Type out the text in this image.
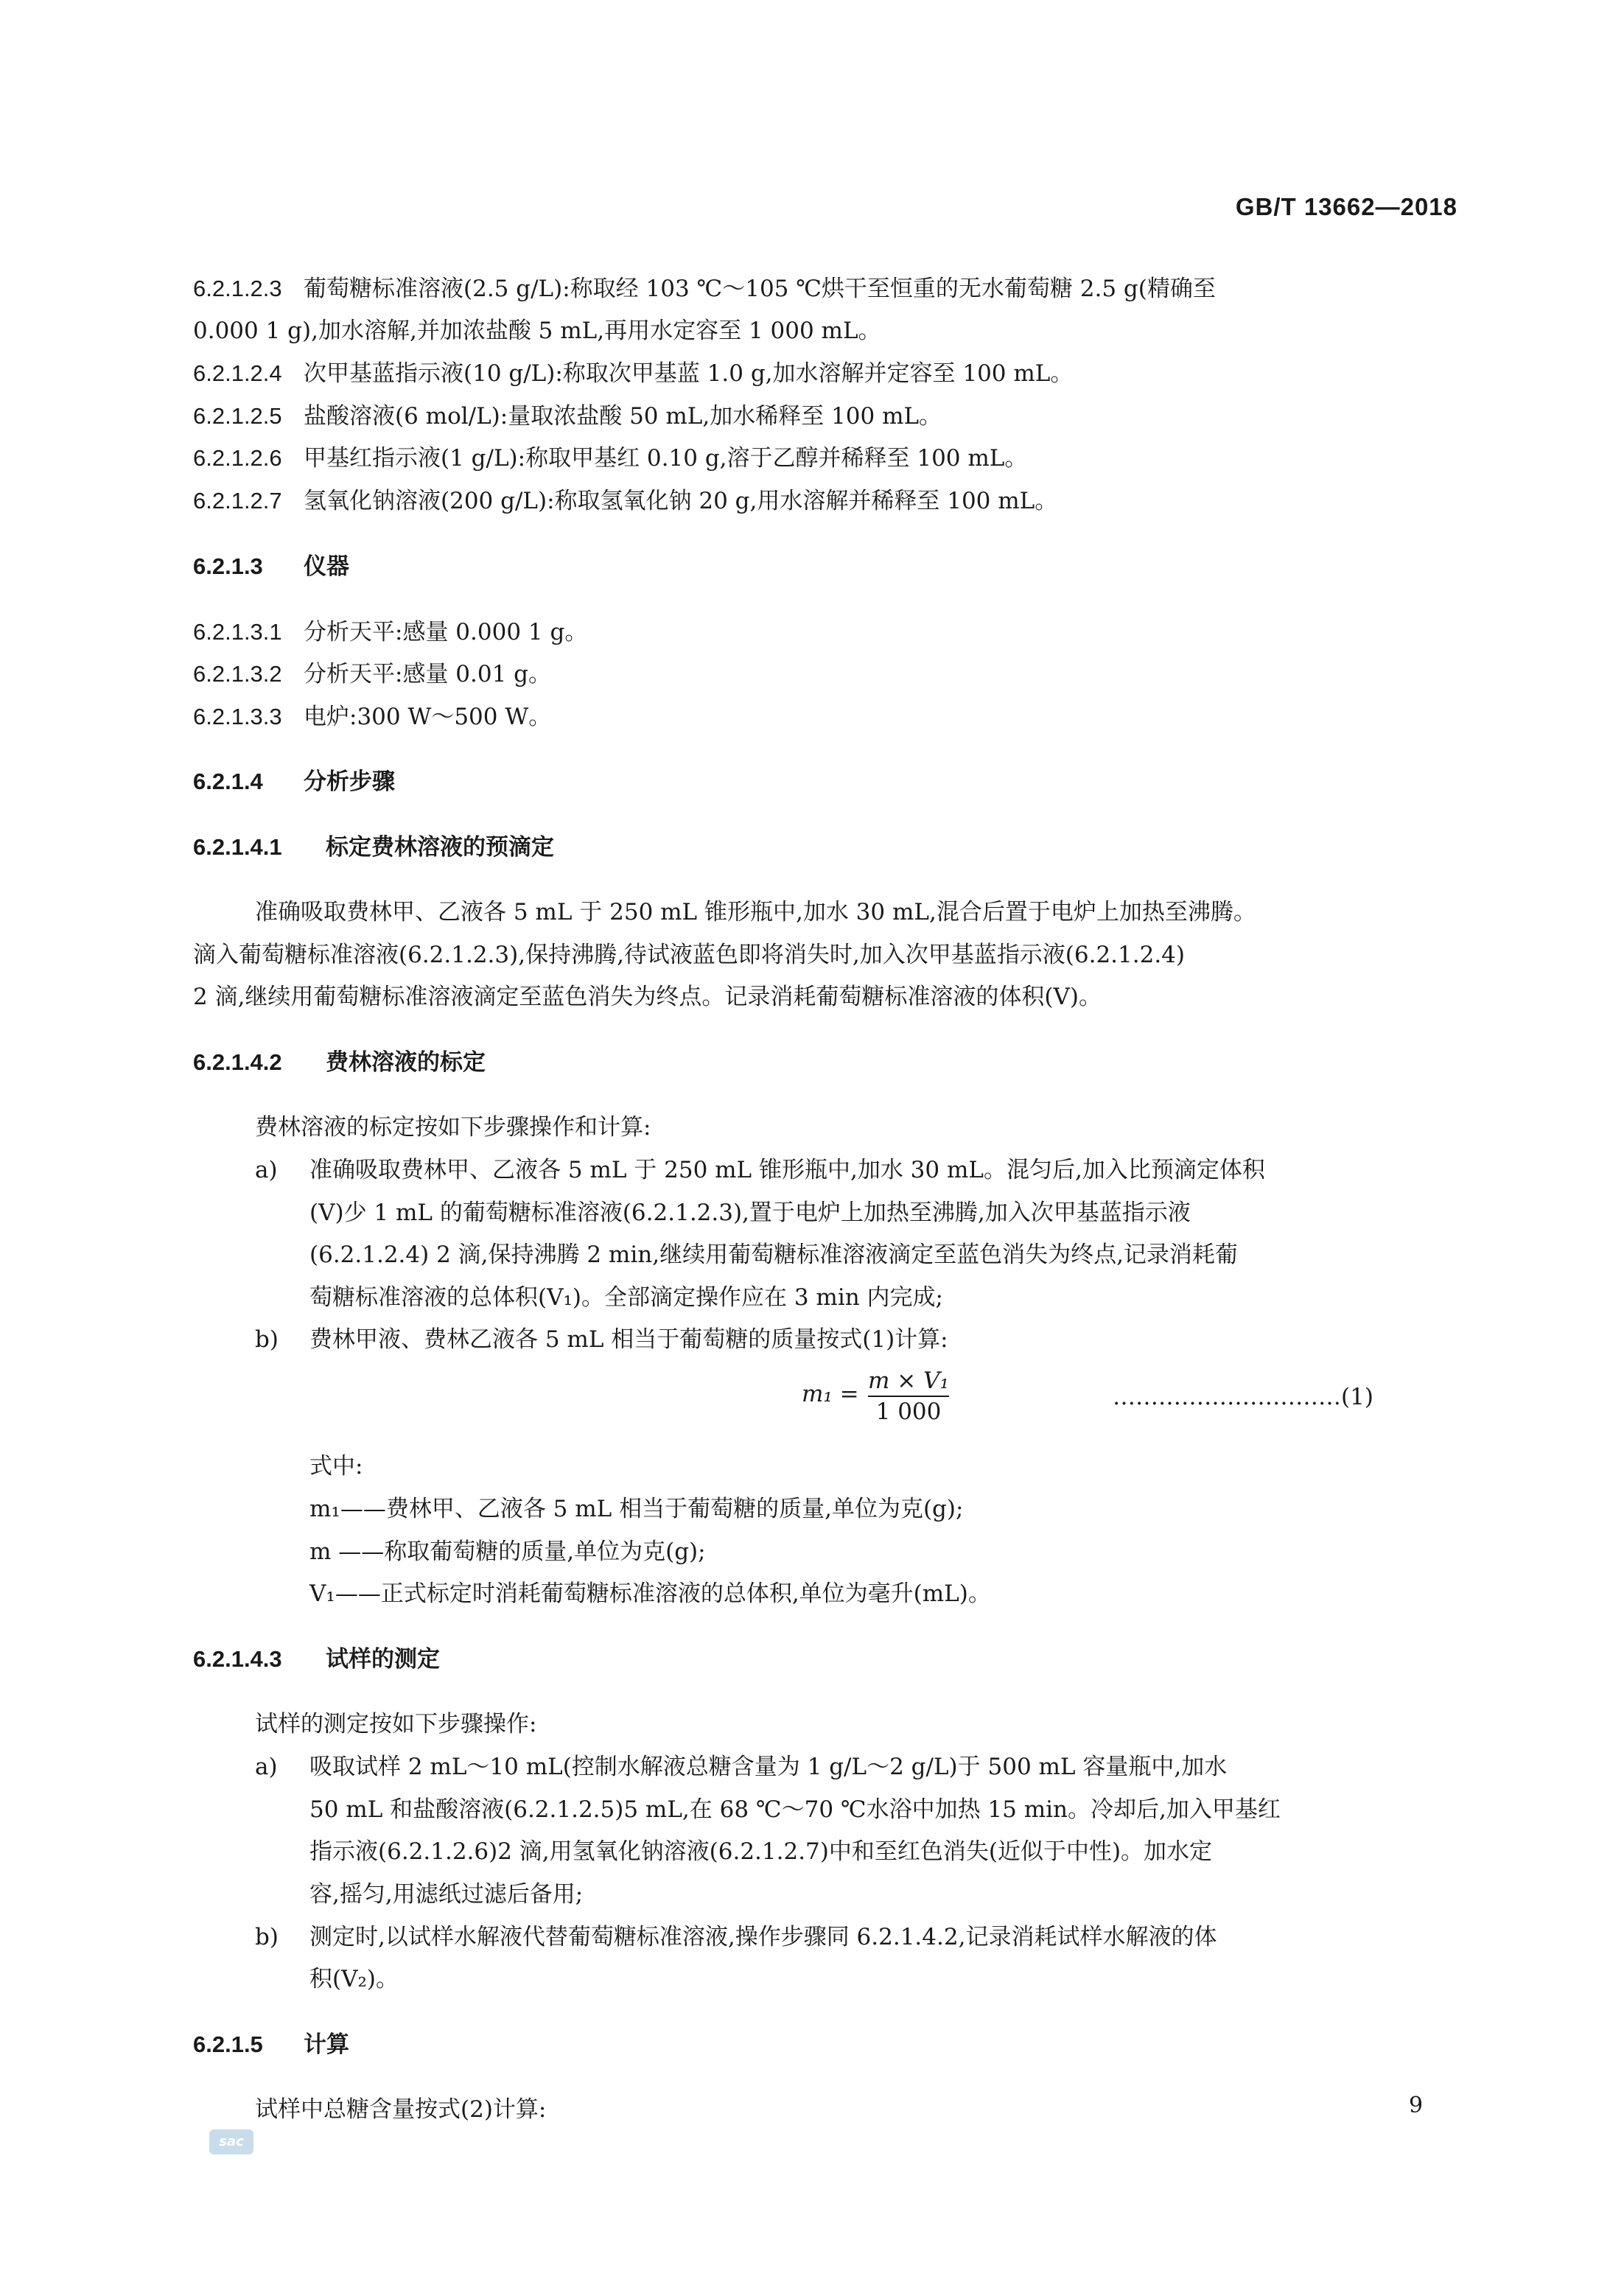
GB/T 13662—2018
6.2.1.2.3 葡萄糖标准溶液(2.5 g/L):称取经 103 ℃～105 ℃烘干至恒重的无水葡萄糖 2.5 g(精确至
0.000 1 g),加水溶解,并加浓盐酸 5 mL,再用水定容至 1 000 mL。
6.2.1.2.4 次甲基蓝指示液(10 g/L):称取次甲基蓝 1.0 g,加水溶解并定容至 100 mL。
6.2.1.2.5 盐酸溶液(6 mol/L):量取浓盐酸 50 mL,加水稀释至 100 mL。
6.2.1.2.6 甲基红指示液(1 g/L):称取甲基红 0.10 g,溶于乙醇并稀释至 100 mL。
6.2.1.2.7 氢氧化钠溶液(200 g/L):称取氢氧化钠 20 g,用水溶解并稀释至 100 mL。
6.2.1.3 仪器
6.2.1.3.1 分析天平:感量 0.000 1 g。
6.2.1.3.2 分析天平:感量 0.01 g。
6.2.1.3.3 电炉:300 W～500 W。
6.2.1.4 分析步骤
6.2.1.4.1 标定费林溶液的预滴定
准确吸取费林甲、乙液各 5 mL 于 250 mL 锥形瓶中,加水 30 mL,混合后置于电炉上加热至沸腾。
滴入葡萄糖标准溶液(6.2.1.2.3),保持沸腾,待试液蓝色即将消失时,加入次甲基蓝指示液(6.2.1.2.4)
2 滴,继续用葡萄糖标准溶液滴定至蓝色消失为终点。记录消耗葡萄糖标准溶液的体积(V)。
6.2.1.4.2 费林溶液的标定
费林溶液的标定按如下步骤操作和计算:
a) 准确吸取费林甲、乙液各 5 mL 于 250 mL 锥形瓶中,加水 30 mL。混匀后,加入比预滴定体积
(V)少 1 mL 的葡萄糖标准溶液(6.2.1.2.3),置于电炉上加热至沸腾,加入次甲基蓝指示液
(6.2.1.2.4) 2 滴,保持沸腾 2 min,继续用葡萄糖标准溶液滴定至蓝色消失为终点,记录消耗葡
萄糖标准溶液的总体积(V₁)。全部滴定操作应在 3 min 内完成;
b) 费林甲液、费林乙液各 5 mL 相当于葡萄糖的质量按式(1)计算:
$m_1 = \frac{\text{m × V₁}}{1 000}$	…………………………(1)
式中:
m₁——费林甲、乙液各 5 mL 相当于葡萄糖的质量,单位为克(g);
m ——称取葡萄糖的质量,单位为克(g);
V₁——正式标定时消耗葡萄糖标准溶液的总体积,单位为毫升(mL)。
6.2.1.4.3 试样的测定
试样的测定按如下步骤操作:
a) 吸取试样 2 mL～10 mL(控制水解液总糖含量为 1 g/L～2 g/L)于 500 mL 容量瓶中,加水
50 mL 和盐酸溶液(6.2.1.2.5)5 mL,在 68 ℃～70 ℃水浴中加热 15 min。冷却后,加入甲基红
指示液(6.2.1.2.6)2 滴,用氢氧化钠溶液(6.2.1.2.7)中和至红色消失(近似于中性)。加水定
容,摇匀,用滤纸过滤后备用;
b) 测定时,以试样水解液代替葡萄糖标准溶液,操作步骤同 6.2.1.4.2,记录消耗试样水解液的体
积(V₂)。
6.2.1.5 计算
试样中总糖含量按式(2)计算:	9
sac
